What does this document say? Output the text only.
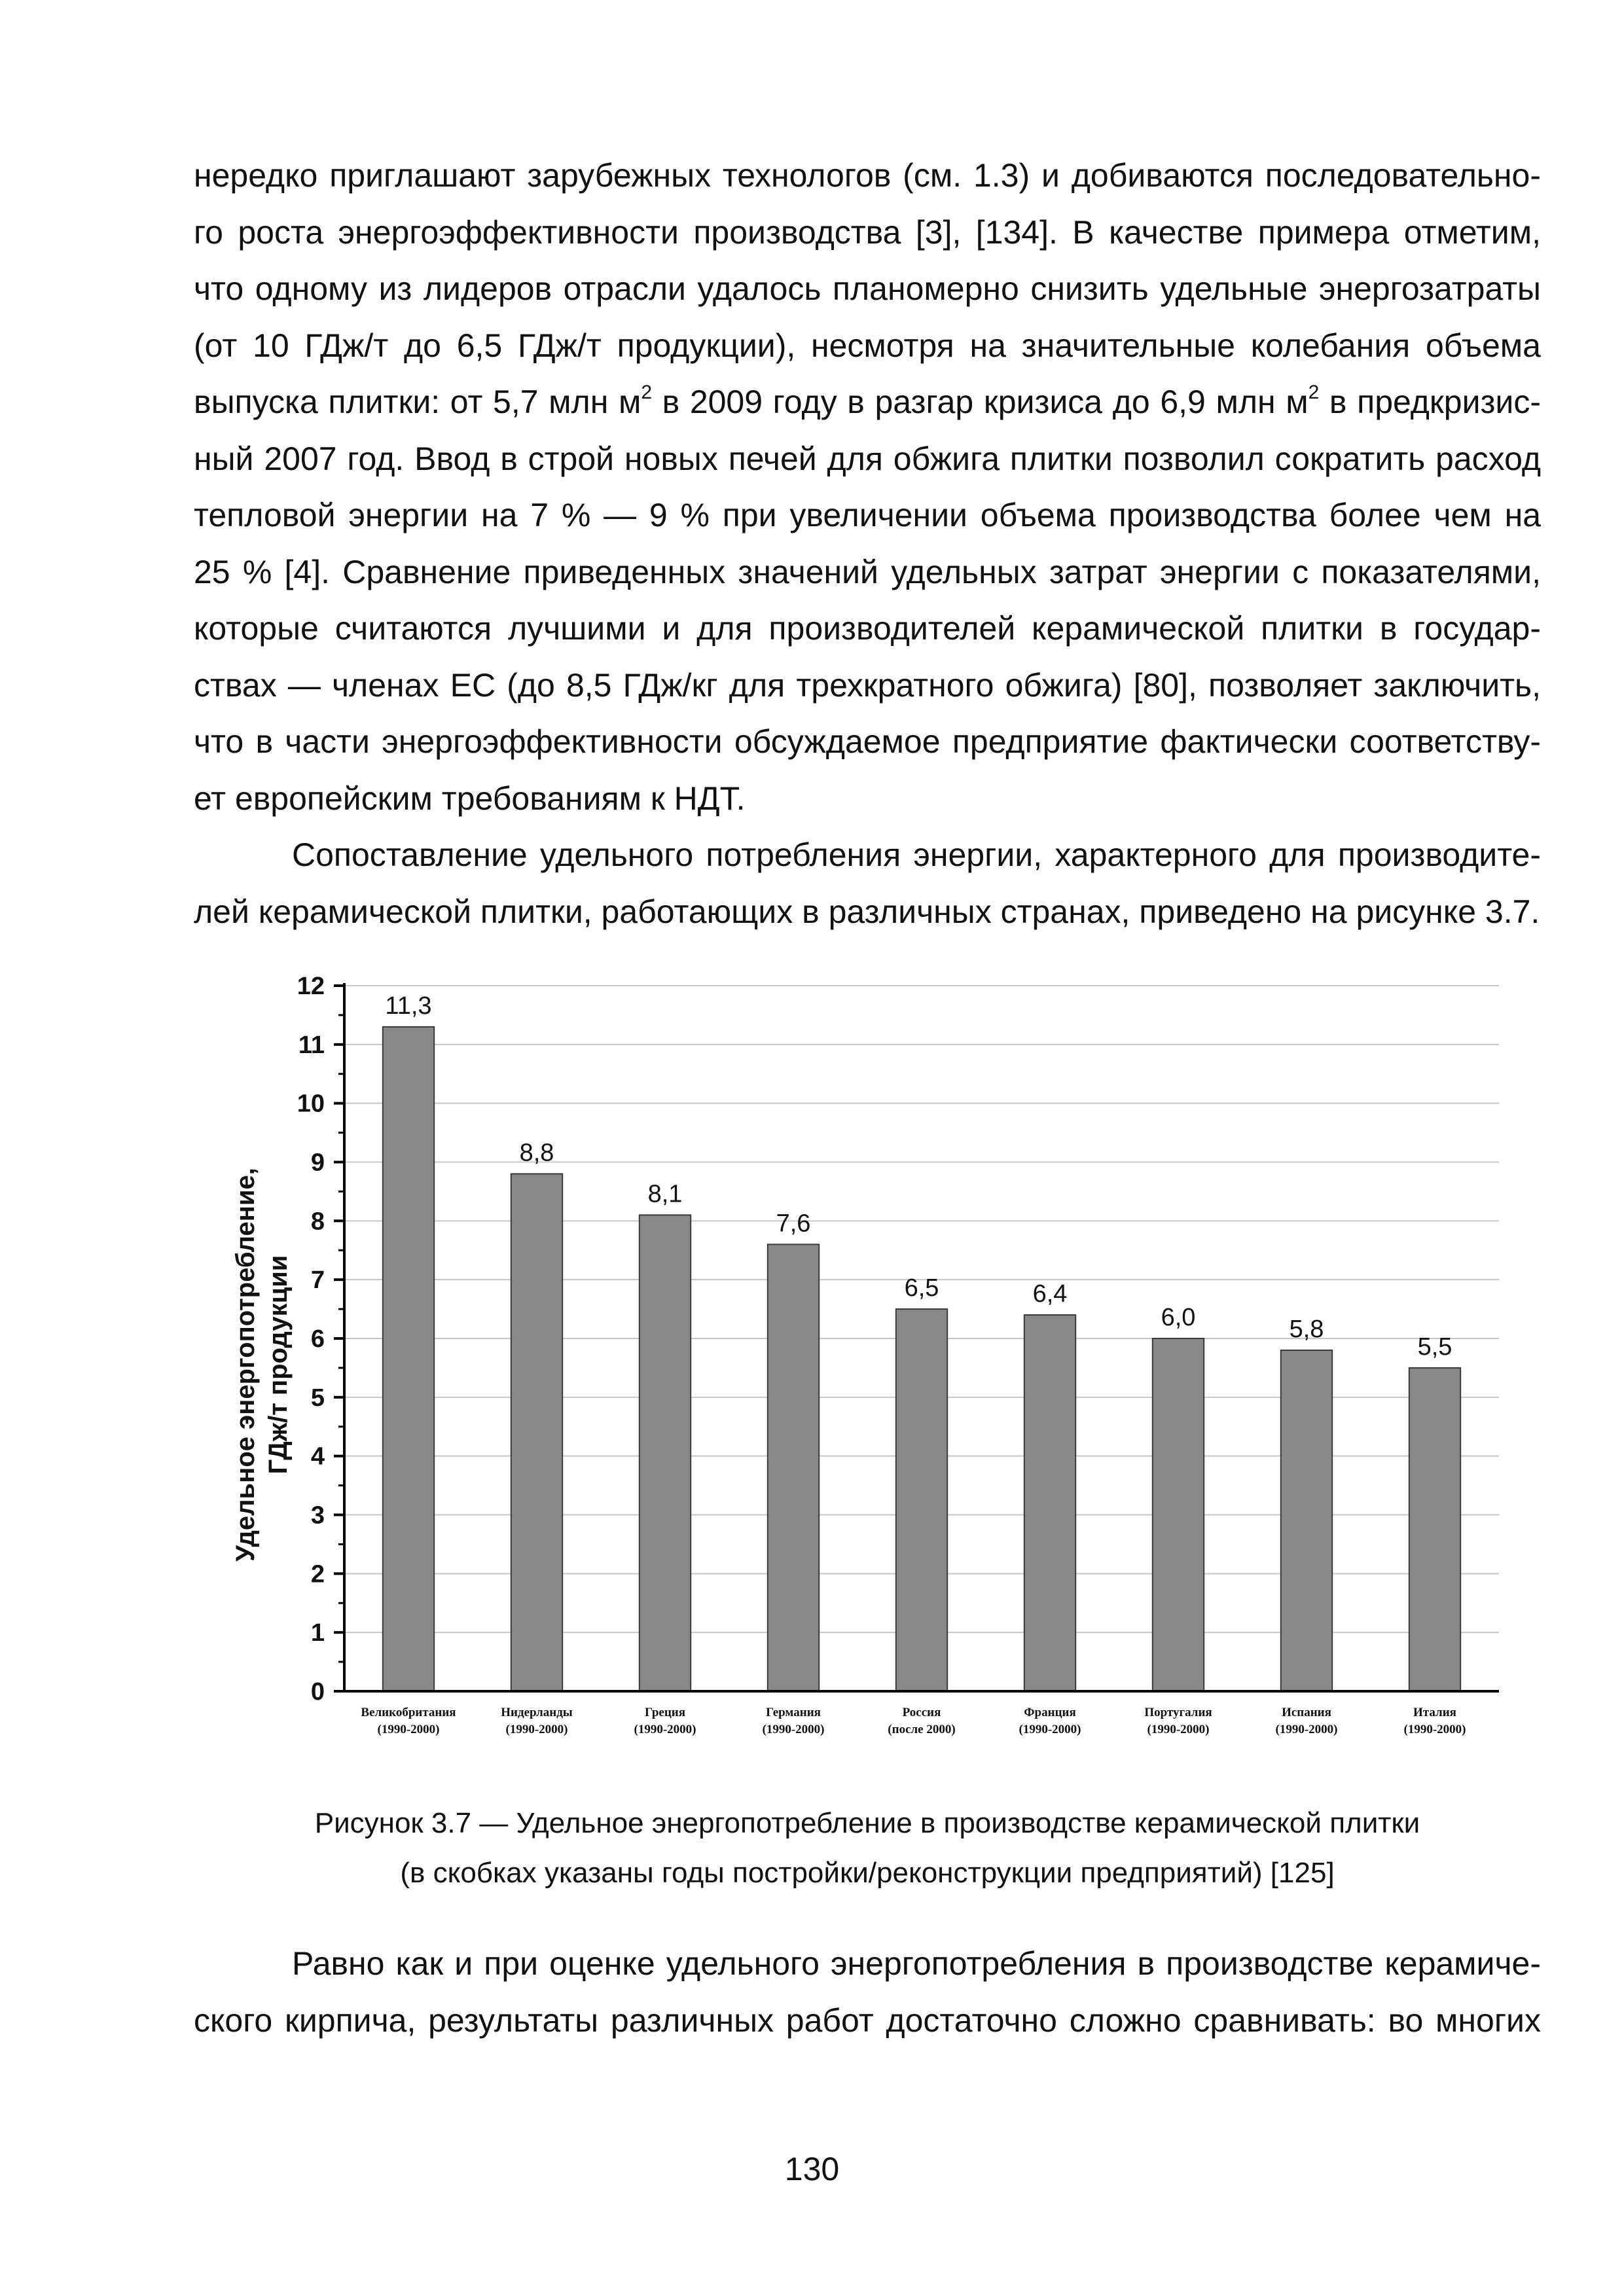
нередко приглашают зарубежных технологов (см. 1.3) и добиваются последовательно-
го роста энергоэффективности производства [3], [134]. В качестве примера отметим,
что одному из лидеров отрасли удалось планомерно снизить удельные энергозатраты
(от 10 ГДж/т до 6,5 ГДж/т продукции), несмотря на значительные колебания объема
выпуска плитки: от 5,7 млн $м^2$ в 2009 году в разгар кризиса до 6,9 млн $м^2$ в предкризис-
ный 2007 год. Ввод в строй новых печей для обжига плитки позволил сократить расход
тепловой энергии на 7 % — 9 % при увеличении объема производства более чем на
25 % [4]. Сравнение приведенных значений удельных затрат энергии с показателями,
которые считаются лучшими и для производителей керамической плитки в государ-
ствах — членах ЕС (до 8,5 ГДж/кг для трехкратного обжига) [80], позволяет заключить,
что в части энергоэффективности обсуждаемое предприятие фактически соответству-
ет европейским требованиям к НДТ.
Сопоставление удельного потребления энергии, характерного для производите-
лей керамической плитки, работающих в различных странах, приведено на рисунке 3.7.
0
1
2
3
4
5
6
7
8
9
10
11
12
11,3
Великобритания
(1990-2000)
8,8
Нидерланды
(1990-2000)
8,1
Греция
(1990-2000)
7,6
Германия
(1990-2000)
6,5
Россия
(после 2000)
6,4
Франция
(1990-2000)
6,0
Португалия
(1990-2000)
5,8
Испания
(1990-2000)
5,5
Италия
(1990-2000)
Удельное энергопотребление, ГДж/т продукции
Рисунок 3.7 — Удельное энергопотребление в производстве керамической плитки
(в скобках указаны годы постройки/реконструкции предприятий) [125]
Равно как и при оценке удельного энергопотребления в производстве керамиче-
ского кирпича, результаты различных работ достаточно сложно сравнивать: во многих
130
